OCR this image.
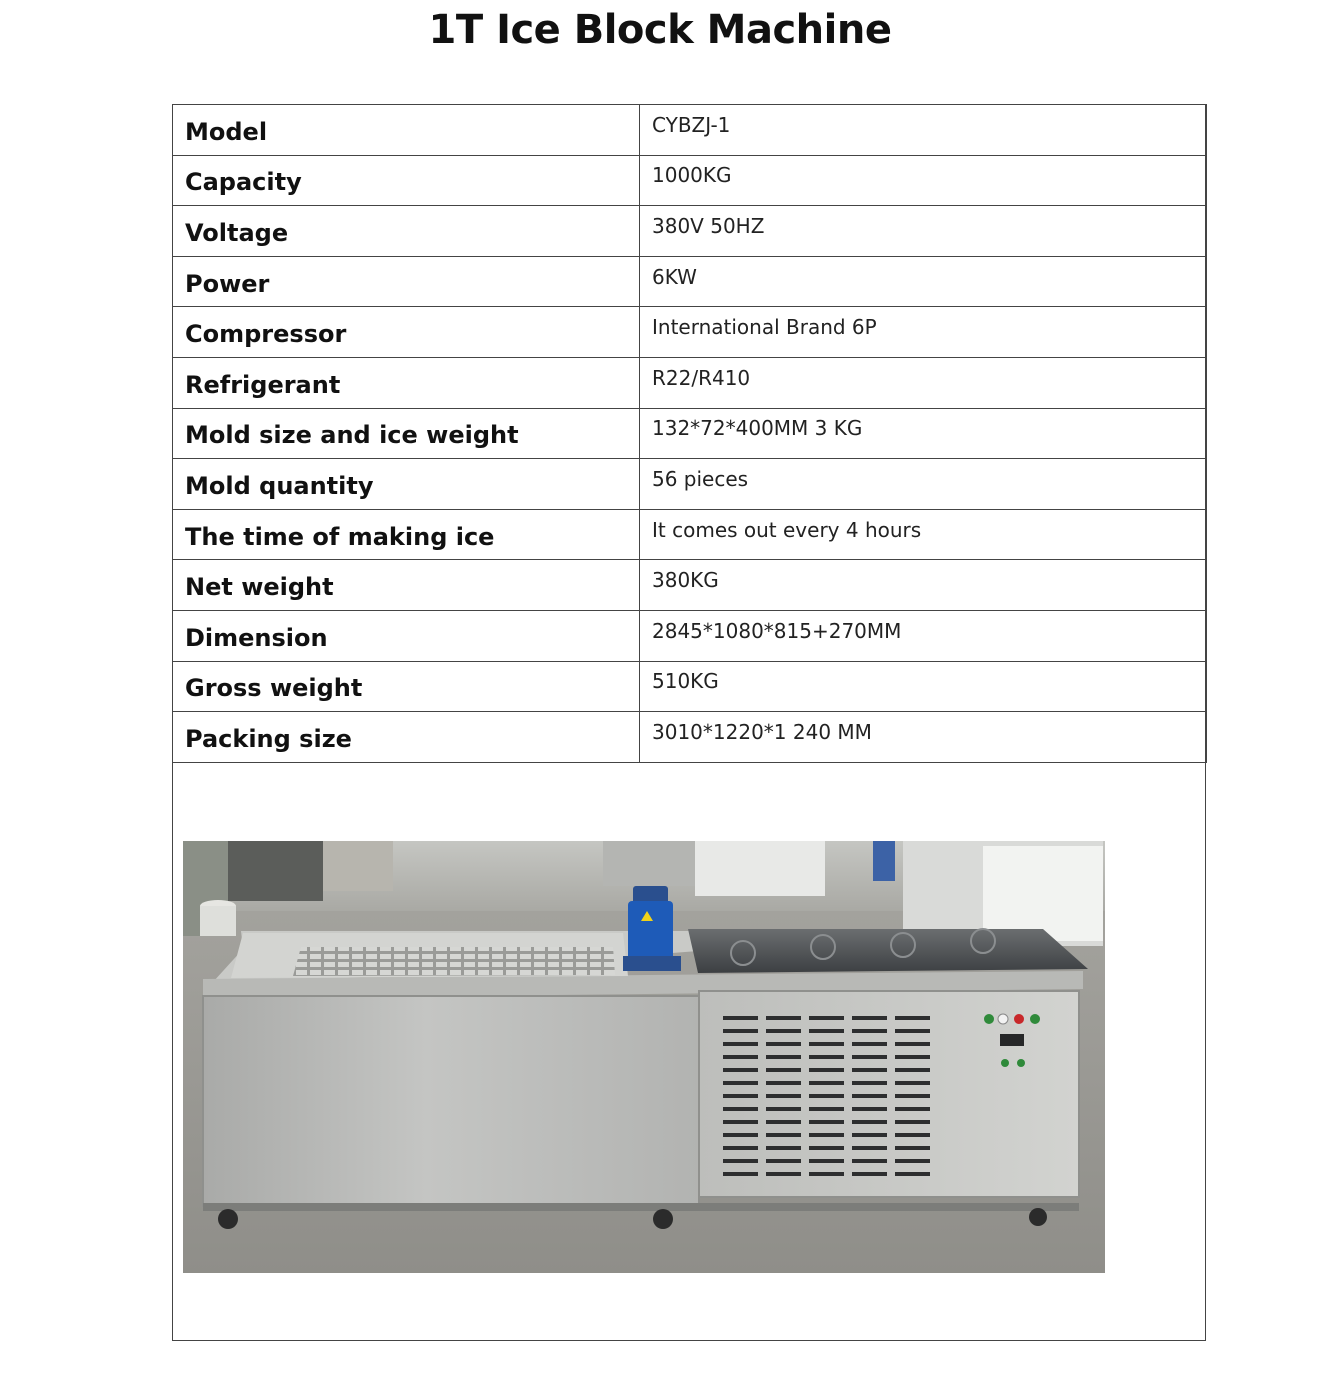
1T Ice Block Machine
Model	CYBZJ-1
Capacity	1000KG
Voltage	380V 50HZ
Power	6KW
Compressor	International Brand 6P
Refrigerant	R22/R410
Mold size and ice weight	132*72*400MM 3 KG
Mold quantity	56 pieces
The time of making ice	It comes out every 4 hours
Net weight	380KG
Dimension	2845*1080*815+270MM
Gross weight	510KG
Packing size	3010*1220*1 240 MM
